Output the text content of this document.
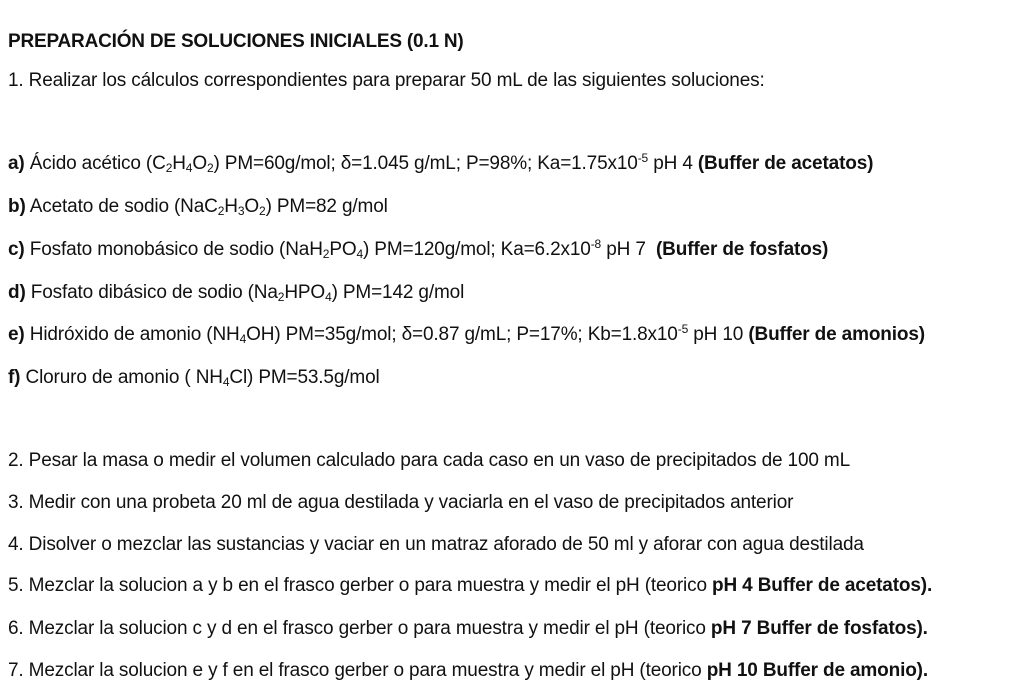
PREPARACIÓN DE SOLUCIONES INICIALES (0.1 N)
1. Realizar los cálculos correspondientes para preparar 50 mL de las siguientes soluciones:
a) Ácido acético $(C_2H_4O_2)$ PM=60g/mol; δ=1.045 g/mL; P=98%; $Ka=1.75x10^{-5}$ pH 4 (Buffer de acetatos)
b) Acetato de sodio $(NaC_2H_3O_2)$ PM=82 g/mol
c) Fosfato monobásico de sodio $(NaH_2PO_4)$ PM=120g/mol; $Ka=6.2x10^{-8}$ pH 7  (Buffer de fosfatos)
d) Fosfato dibásico de sodio $(Na_2HPO_4)$ PM=142 g/mol
e) Hidróxido de amonio $(NH_4OH)$ PM=35g/mol; δ=0.87 g/mL; P=17%; $Kb=1.8x10^{-5}$ pH 10 (Buffer de amonios)
f) Cloruro de amonio ( $NH_4Cl$) PM=53.5g/mol
2. Pesar la masa o medir el volumen calculado para cada caso en un vaso de precipitados de 100 mL
3. Medir con una probeta 20 ml de agua destilada y vaciarla en el vaso de precipitados anterior
4. Disolver o mezclar las sustancias y vaciar en un matraz aforado de 50 ml y aforar con agua destilada
5. Mezclar la solucion a y b en el frasco gerber o para muestra y medir el pH (teorico pH 4 Buffer de acetatos).
6. Mezclar la solucion c y d en el frasco gerber o para muestra y medir el pH (teorico pH 7 Buffer de fosfatos).
7. Mezclar la solucion e y f en el frasco gerber o para muestra y medir el pH (teorico pH 10 Buffer de amonio).
